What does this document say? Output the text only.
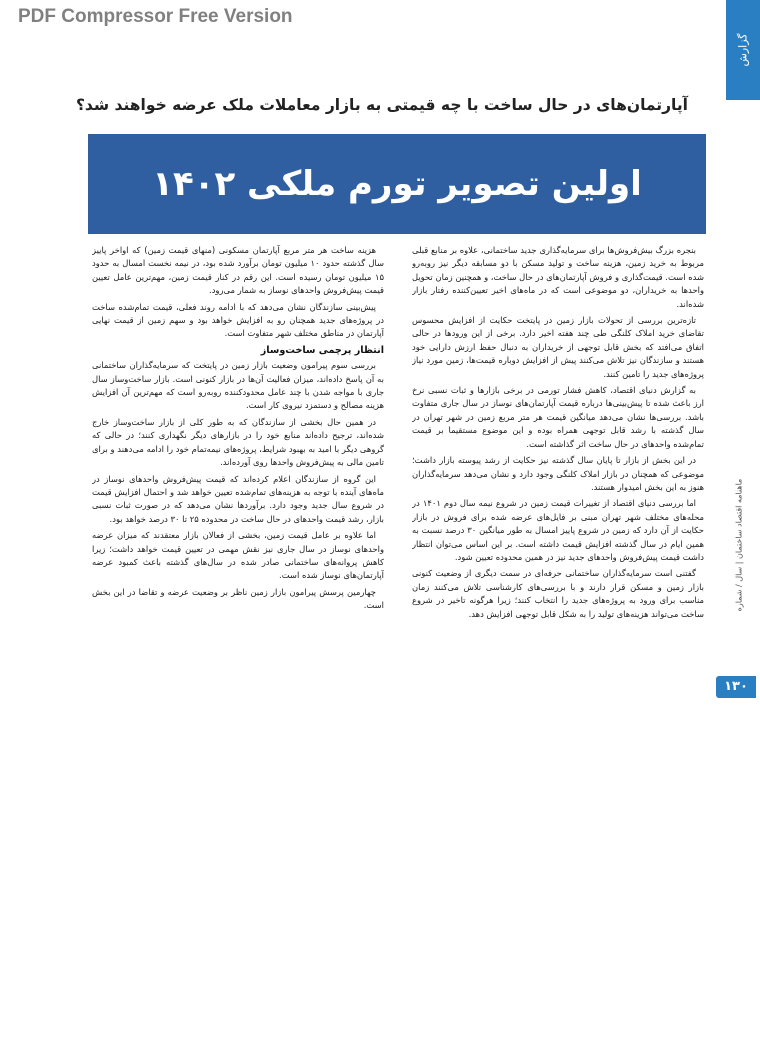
PDF Compressor Free Version
گزارش
ماهنامه اقتصاد ساختمان | سال / شماره
۱۳۰
آپارتمان‌های در حال ساخت با چه قیمتی به بازار معاملات ملک عرضه خواهند شد؟
اولین تصویر تورم ملکی ۱۴۰۲

بنجره بزرگ بیش‌فروش‌ها برای سرمایه‌گذاری جدید ساختمانی، علاوه بر منابع قبلی مربوط به خرید زمین، هزینه ساخت و تولید مسکن با دو مسابقه دیگر نیز روبه‌رو شده است. قیمت‌گذاری و فروش آپارتمان‌های در حال ساخت، و همچنین زمان تحویل واحدها به خریداران، دو موضوعی است که در ماه‌های اخیر تعیین‌کننده رفتار بازار شده‌اند.

تازه‌ترین بررسی از تحولات بازار زمین در پایتخت حکایت از افزایش محسوس تقاضای خرید املاک کلنگی طی چند هفته اخیر دارد. برخی از این ورودها در حالی اتفاق می‌افتد که بخش قابل توجهی از خریداران به دنبال حفظ ارزش دارایی خود هستند و سازندگان نیز تلاش می‌کنند پیش از افزایش دوباره قیمت‌ها، زمین مورد نیاز پروژه‌های جدید را تامین کنند.

به گزارش دنیای اقتصاد، کاهش فشار تورمی در برخی بازارها و ثبات نسبی نرخ ارز باعث شده تا پیش‌بینی‌ها درباره قیمت آپارتمان‌های نوساز در سال جاری متفاوت باشد. بررسی‌ها نشان می‌دهد میانگین قیمت هر متر مربع زمین در شهر تهران در سال گذشته با رشد قابل توجهی همراه بوده و این موضوع مستقیما بر قیمت تمام‌شده واحدهای در حال ساخت اثر گذاشته است.

در این بخش از بازار تا پایان سال گذشته نیز حکایت از رشد پیوسته بازار داشت؛ موضوعی که همچنان در بازار املاک کلنگی وجود دارد و نشان می‌دهد سرمایه‌گذاران هنوز به این بخش امیدوار هستند.

اما بررسی دنیای اقتصاد از تغییرات قیمت زمین در شروع نیمه سال دوم ۱۴۰۱ در محله‌های مختلف شهر تهران مبنی بر فایل‌های عرضه شده برای فروش در بازار حکایت از آن دارد که زمین در شروع پاییز امسال به طور میانگین ۳۰ درصد نسبت به همین ایام در سال گذشته افزایش قیمت داشته است. بر این اساس می‌توان انتظار داشت قیمت پیش‌فروش واحدهای جدید نیز در همین محدوده تعیین شود.

گفتنی است سرمایه‌گذاران ساختمانی حرفه‌ای در سمت دیگری از وضعیت کنونی بازار زمین و مسکن قرار دارند و با بررسی‌های کارشناسی تلاش می‌کنند زمان مناسب برای ورود به پروژه‌های جدید را انتخاب کنند؛ زیرا هرگونه تاخیر در شروع ساخت می‌تواند هزینه‌های تولید را به شکل قابل توجهی افزایش دهد.

هزینه ساخت هر متر مربع آپارتمان مسکونی (منهای قیمت زمین) که اواخر پاییز سال گذشته حدود ۱۰ میلیون تومان برآورد شده بود، در نیمه نخست امسال به حدود ۱۵ میلیون تومان رسیده است. این رقم در کنار قیمت زمین، مهم‌ترین عامل تعیین قیمت پیش‌فروش واحدهای نوساز به شمار می‌رود.

پیش‌بینی سازندگان نشان می‌دهد که با ادامه روند فعلی، قیمت تمام‌شده ساخت در پروژه‌های جدید همچنان رو به افزایش خواهد بود و سهم زمین از قیمت نهایی آپارتمان در مناطق مختلف شهر متفاوت است.

انتظار پرچمی ساخت‌وساز

بررسی سوم پیرامون وضعیت بازار زمین در پایتخت که سرمایه‌گذاران ساختمانی به آن پاسخ داده‌اند، میزان فعالیت آن‌ها در بازار کنونی است. بازار ساخت‌وساز سال جاری با مواجه شدن با چند عامل محدودکننده روبه‌رو است که مهم‌ترین آن افزایش هزینه مصالح و دستمزد نیروی کار است.

در همین حال بخشی از سازندگان که به طور کلی از بازار ساخت‌وساز خارج شده‌اند، ترجیح داده‌اند منابع خود را در بازارهای دیگر نگهداری کنند؛ در حالی که گروهی دیگر با امید به بهبود شرایط، پروژه‌های نیمه‌تمام خود را ادامه می‌دهند و برای تامین مالی به پیش‌فروش واحدها روی آورده‌اند.

این گروه از سازندگان اعلام کرده‌اند که قیمت پیش‌فروش واحدهای نوساز در ماه‌های آینده با توجه به هزینه‌های تمام‌شده تعیین خواهد شد و احتمال افزایش قیمت در شروع سال جدید وجود دارد. برآوردها نشان می‌دهد که در صورت ثبات نسبی بازار، رشد قیمت واحدهای در حال ساخت در محدوده ۲۵ تا ۳۰ درصد خواهد بود.

اما علاوه بر عامل قیمت زمین، بخشی از فعالان بازار معتقدند که میزان عرضه واحدهای نوساز در سال جاری نیز نقش مهمی در تعیین قیمت خواهد داشت؛ زیرا کاهش پروانه‌های ساختمانی صادر شده در سال‌های گذشته باعث کمبود عرضه آپارتمان‌های نوساز شده است.

چهارمین پرسش پیرامون بازار زمین ناظر بر وضعیت عرضه و تقاضا در این بخش است.
